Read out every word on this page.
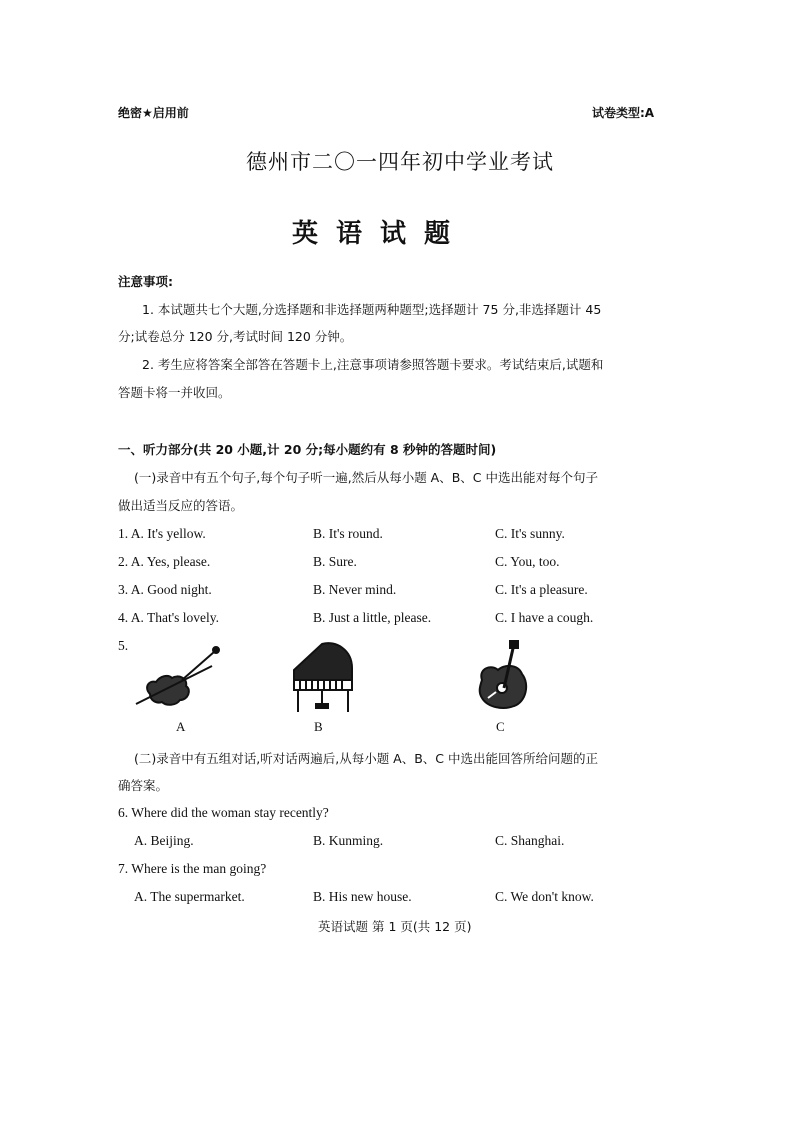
绝密★启用前	试卷类型:A
德州市二〇一四年初中学业考试
英语试题
注意事项:
1. 本试题共七个大题,分选择题和非选择题两种题型;选择题计 75 分,非选择题计 45
分;试卷总分 120 分,考试时间 120 分钟。
2. 考生应将答案全部答在答题卡上,注意事项请参照答题卡要求。考试结束后,试题和
答题卡将一并收回。
一、听力部分(共 20 小题,计 20 分;每小题约有 8 秒钟的答题时间)
(一)录音中有五个句子,每个句子听一遍,然后从每小题 A、B、C 中选出能对每个句子
做出适当反应的答语。
1. A. It's yellow.	B. It's round.	C. It's sunny.
2. A. Yes, please.	B. Sure.	C. You, too.
3. A. Good night.	B. Never mind.	C. It's a pleasure.
4. A. That's lovely.	B. Just a little, please.	C. I have a cough.
5.
A	B	C
(二)录音中有五组对话,听对话两遍后,从每小题 A、B、C 中选出能回答所给问题的正
确答案。
6. Where did the woman stay recently?
A. Beijing.	B. Kunming.	C. Shanghai.
7. Where is the man going?
A. The supermarket.	B. His new house.	C. We don't know.
英语试题 第 1 页(共 12 页)
